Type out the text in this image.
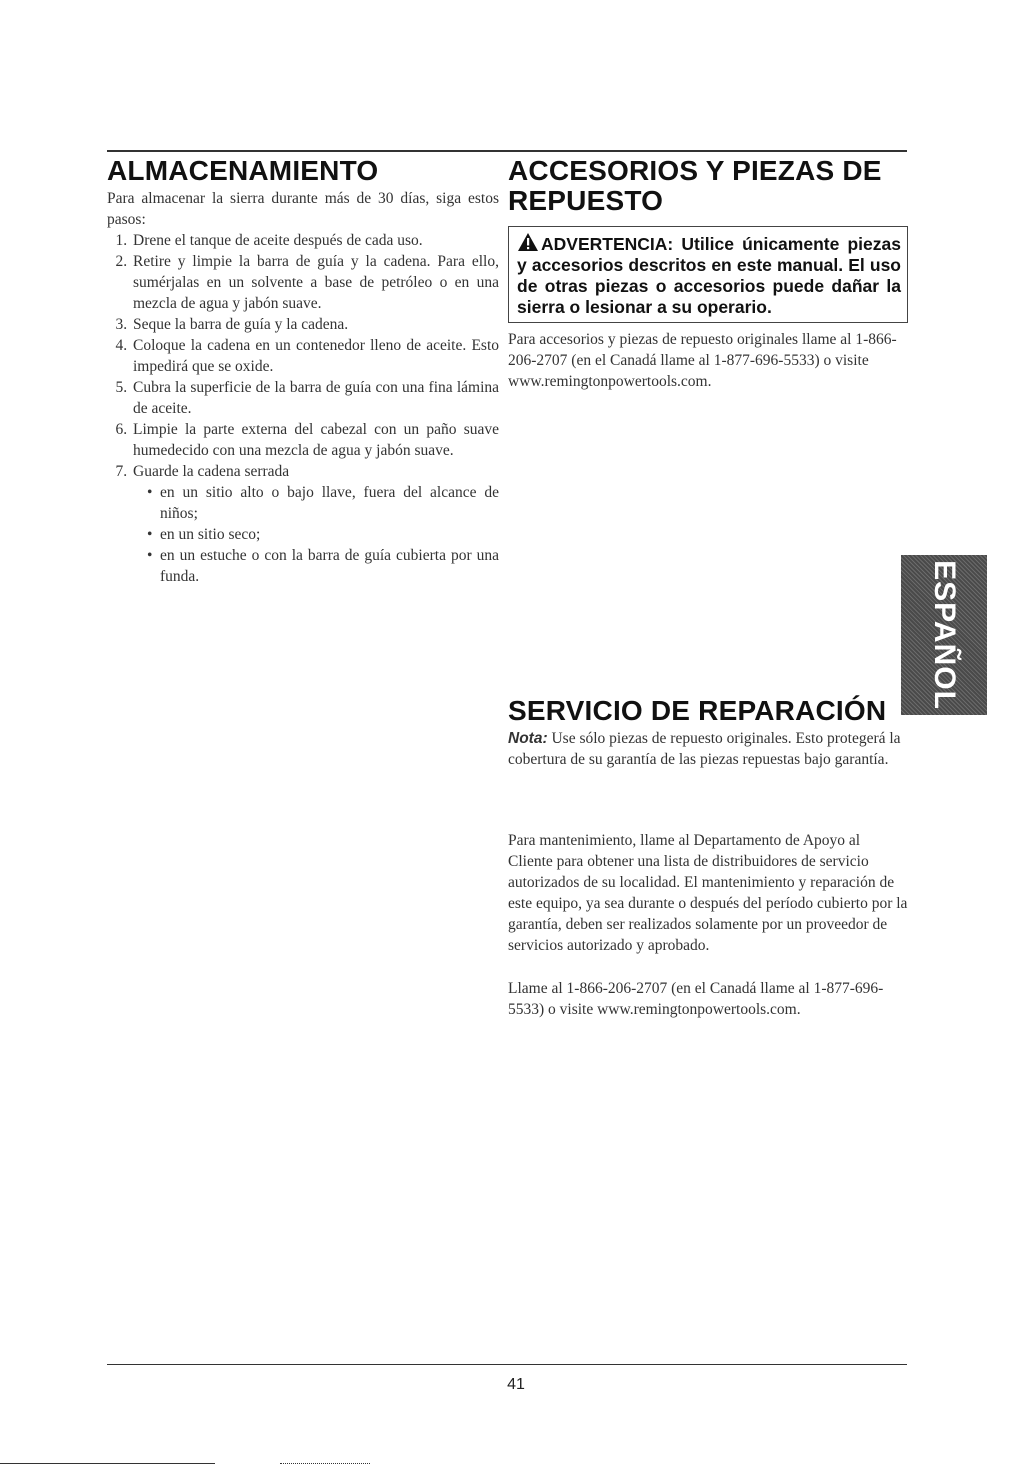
ALMACENAMIENTO

Para almacenar la sierra durante más de 30 días, siga estos pasos:

1. Drene el tanque de aceite después de cada uso.
2. Retire y limpie la barra de guía y la cadena. Para ello, sumérjalas en un solvente a base de petróleo o en una mezcla de agua y jabón suave.
3. Seque la barra de guía y la cadena.
4. Coloque la cadena en un contenedor lleno de aceite. Esto impedirá que se oxide.
5. Cubra la superficie de la barra de guía con una fina lámina de aceite.
6. Limpie la parte externa del cabezal con un paño suave humedecido con una mezcla de agua y jabón suave.
7. Guarde la cadena serrada
• en un sitio alto o bajo llave, fuera del alcance de niños;
• en un sitio seco;
• en un estuche o con la barra de guía cubierta por una funda.
ACCESORIOS Y PIEZAS DE REPUESTO
ADVERTENCIA: Utilice únicamente piezas y accesorios descritos en este manual. El uso de otras piezas o accesorios puede dañar la sierra o lesionar a su operario.

Para accesorios y piezas de repuesto originales llame al 1-866-206-2707 (en el Canadá llame al 1-877-696-5533) o visite www.remingtonpowertools.com.

SERVICIO DE REPARACIÓN

Nota: Use sólo piezas de repuesto originales. Esto protegerá la cobertura de su garantía de las piezas repuestas bajo garantía.

Para mantenimiento, llame al Departamento de Apoyo al Cliente para obtener una lista de distribuidores de servicio autorizados de su localidad. El mantenimiento y reparación de este equipo, ya sea durante o después del período cubierto por la garantía, deben ser realizados solamente por un proveedor de servicios autorizado y aprobado.

Llame al 1-866-206-2707 (en el Canadá llame al 1-877-696-5533) o visite www.remingtonpowertools.com.

ESPAÑOL
41
